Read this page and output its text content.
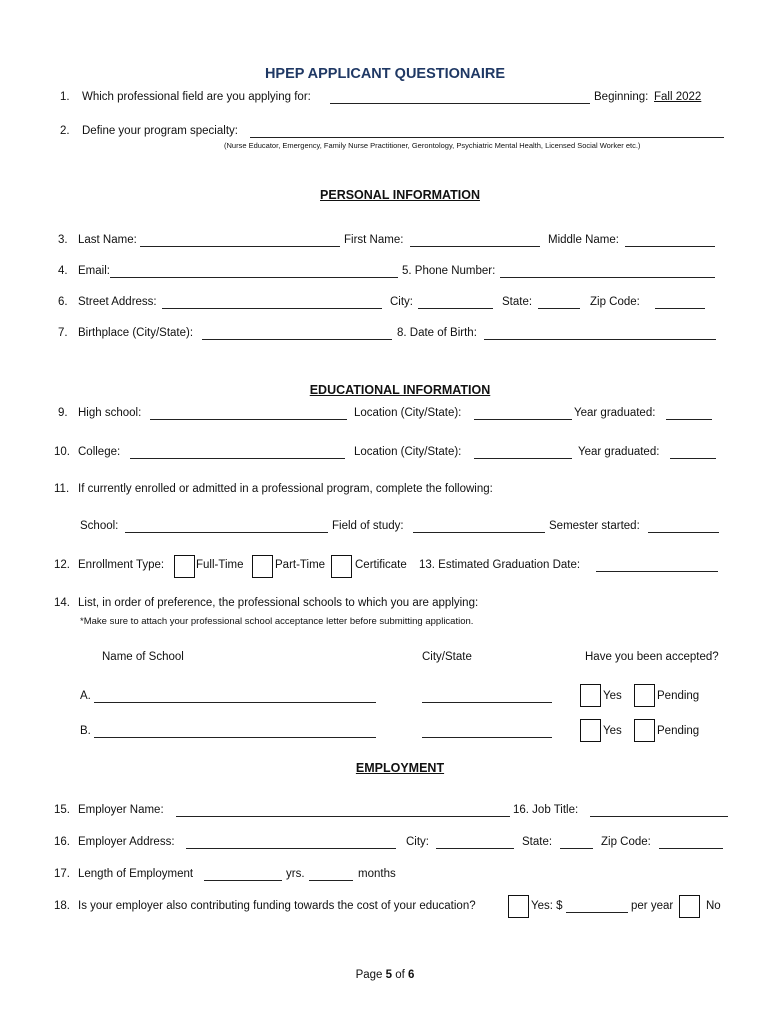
HPEP APPLICANT QUESTIONAIRE
1. Which professional field are you applying for:	Beginning: Fall 2022
2. Define your program specialty:
(Nurse Educator, Emergency, Family Nurse Practitioner, Gerontology, Psychiatric Mental Health, Licensed Social Worker etc.)
PERSONAL INFORMATION
3. Last Name:	First Name:	Middle Name:
4. Email:	5. Phone Number:
6. Street Address:	City:	State:	Zip Code:
7. Birthplace (City/State):	8. Date of Birth:
EDUCATIONAL INFORMATION
9. High school:	Location (City/State):	Year graduated:
10. College:	Location (City/State):	Year graduated:
11. If currently enrolled or admitted in a professional program, complete the following:
School:	Field of study:	Semester started:
12. Enrollment Type:	Full-Time	Part-Time	Certificate 13. Estimated Graduation Date:
14. List, in order of preference, the professional schools to which you are applying:
*Make sure to attach your professional school acceptance letter before submitting application.
Name of School	City/State	Have you been accepted?
A.	Yes	Pending
B.	Yes	Pending
EMPLOYMENT
15. Employer Name:	16. Job Title:
16. Employer Address:	City:	State:	Zip Code:
17. Length of Employment	yrs.	months
18. Is your employer also contributing funding towards the cost of your education?	Yes: $	per year	No
Page 5 of 6
